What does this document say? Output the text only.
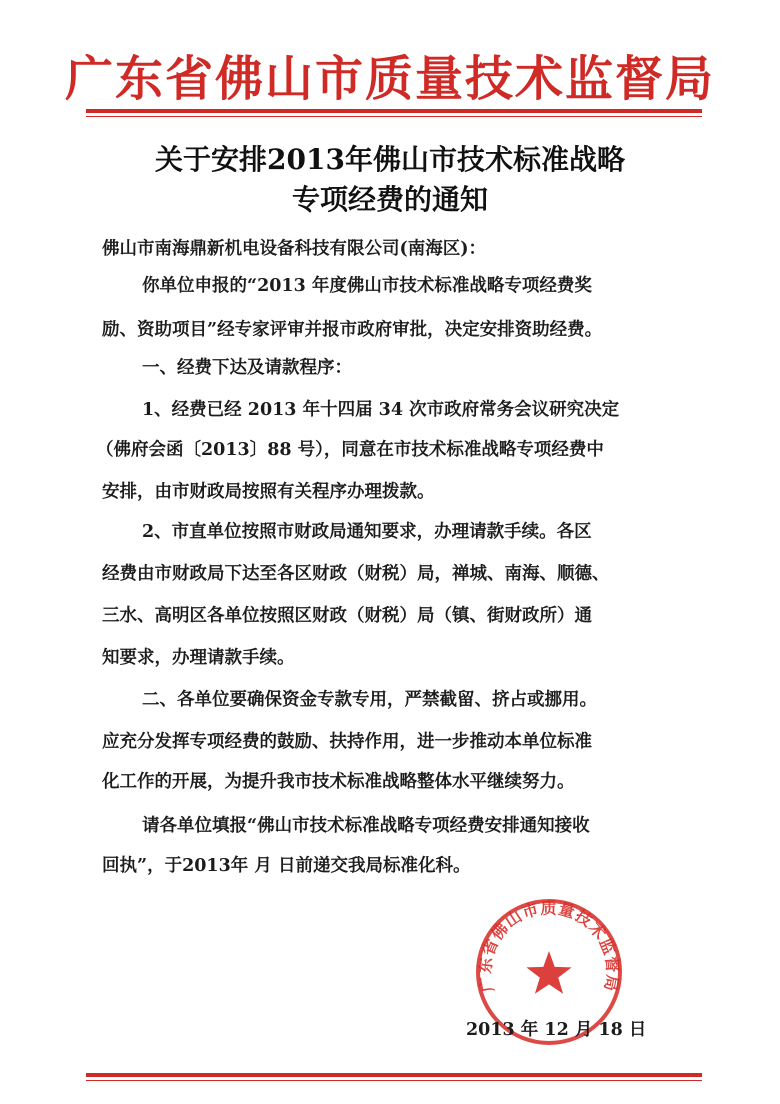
广东省佛山市质量技术监督局
关于安排2013年佛山市技术标准战略
专项经费的通知
佛山市南海鼎新机电设备科技有限公司(南海区)：
你单位申报的“2013 年度佛山市技术标准战略专项经费奖
励、资助项目”经专家评审并报市政府审批，决定安排资助经费。
一、经费下达及请款程序：
1、经费已经 2013 年十四届 34 次市政府常务会议研究决定
（佛府会函〔2013〕88 号），同意在市技术标准战略专项经费中
安排，由市财政局按照有关程序办理拨款。
2、市直单位按照市财政局通知要求，办理请款手续。各区
经费由市财政局下达至各区财政（财税）局，禅城、南海、顺德、
三水、高明区各单位按照区财政（财税）局（镇、街财政所）通
知要求，办理请款手续。
二、各单位要确保资金专款专用，严禁截留、挤占或挪用。
应充分发挥专项经费的鼓励、扶持作用，进一步推动本单位标准
化工作的开展，为提升我市技术标准战略整体水平继续努力。
请各单位填报“佛山市技术标准战略专项经费安排通知接收
回执”，于2013年 月 日前递交我局标准化科。
广东省佛山市质量技术监督局
2013 年 12 月 18 日
